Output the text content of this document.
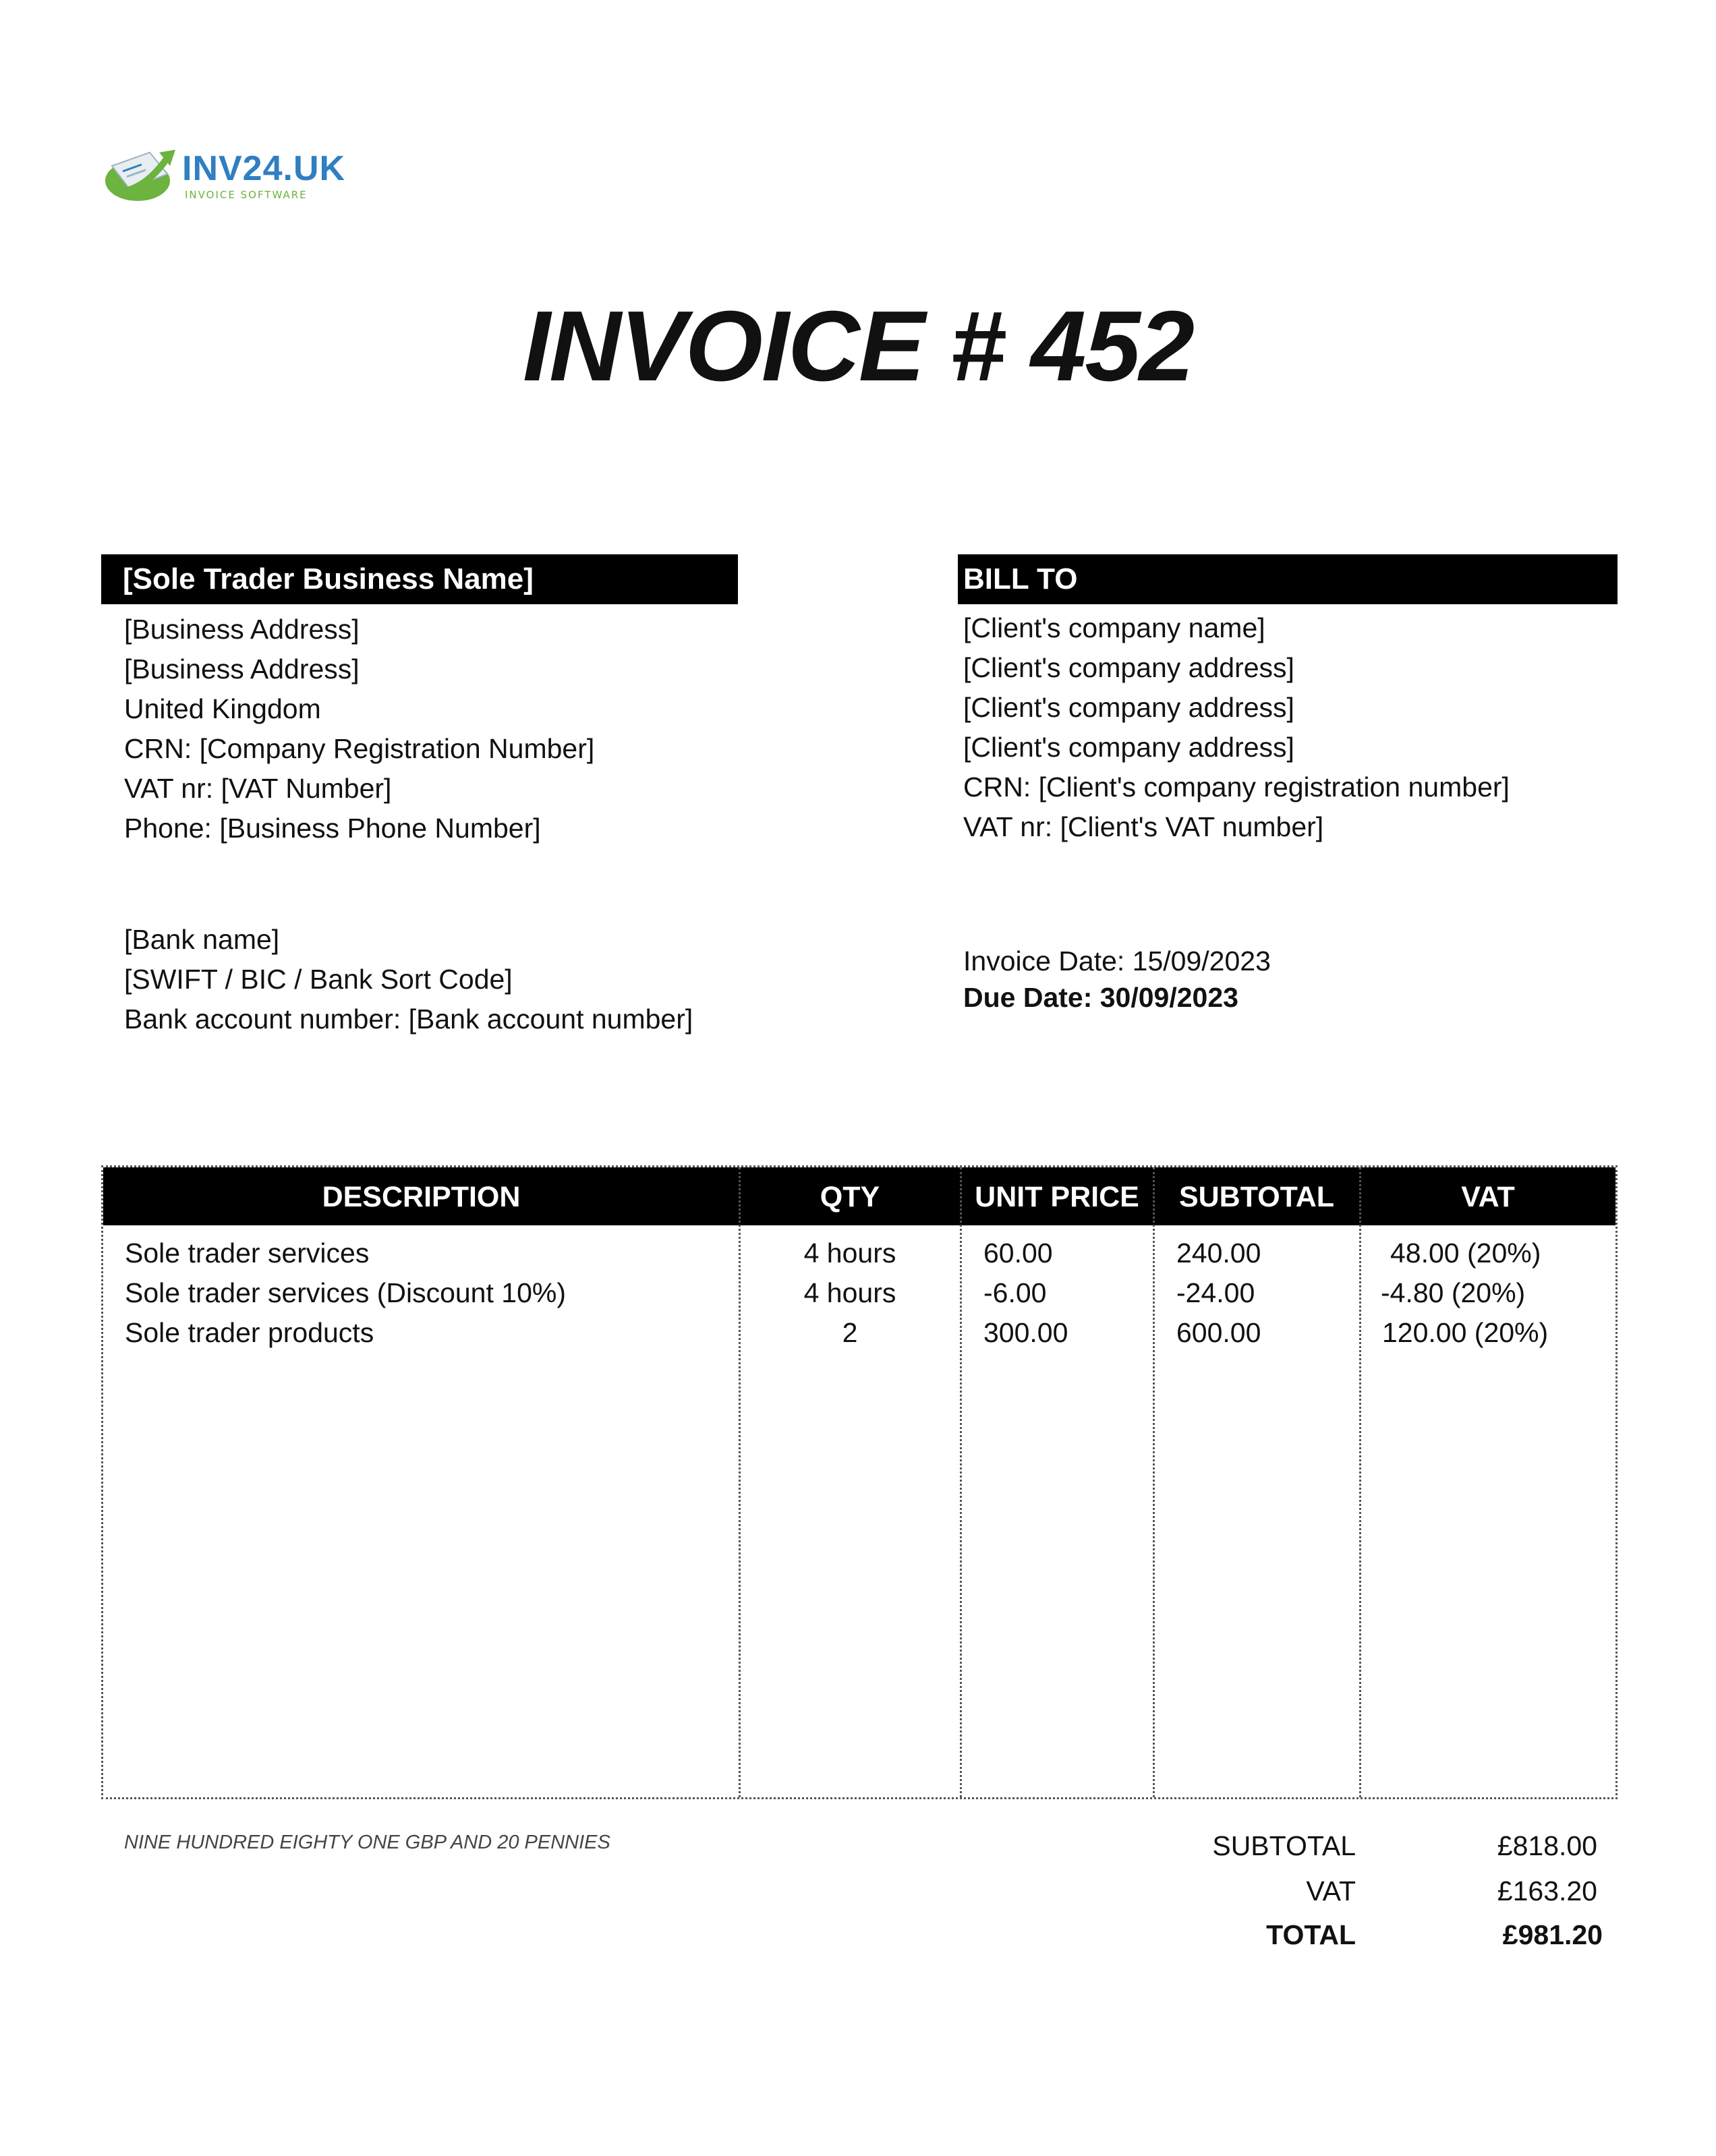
INV24.UK
INVOICE SOFTWARE
INVOICE # 452
[Sole Trader Business Name]
[Business Address]
[Business Address]
United Kingdom
CRN: [Company Registration Number]
VAT nr: [VAT Number]
Phone: [Business Phone Number]
[Bank name]
[SWIFT / BIC / Bank Sort Code]
Bank account number: [Bank account number]
BILL TO
[Client's company name]
[Client's company address]
[Client's company address]
[Client's company address]
CRN: [Client's company registration number]
VAT nr: [Client's VAT number]
Invoice Date: 15/09/2023
Due Date: 30/09/2023
DESCRIPTION	QTY	UNIT PRICE	SUBTOTAL	VAT
Sole trader services	4 hours	60.00	240.00	48.00 (20%)
Sole trader services (Discount 10%)	4 hours	-6.00	-24.00	-4.80 (20%)
Sole trader products	2	300.00	600.00	120.00 (20%)
NINE HUNDRED EIGHTY ONE GBP AND 20 PENNIES	SUBTOTAL	£818.00
VAT	£163.20
TOTAL	£981.20
